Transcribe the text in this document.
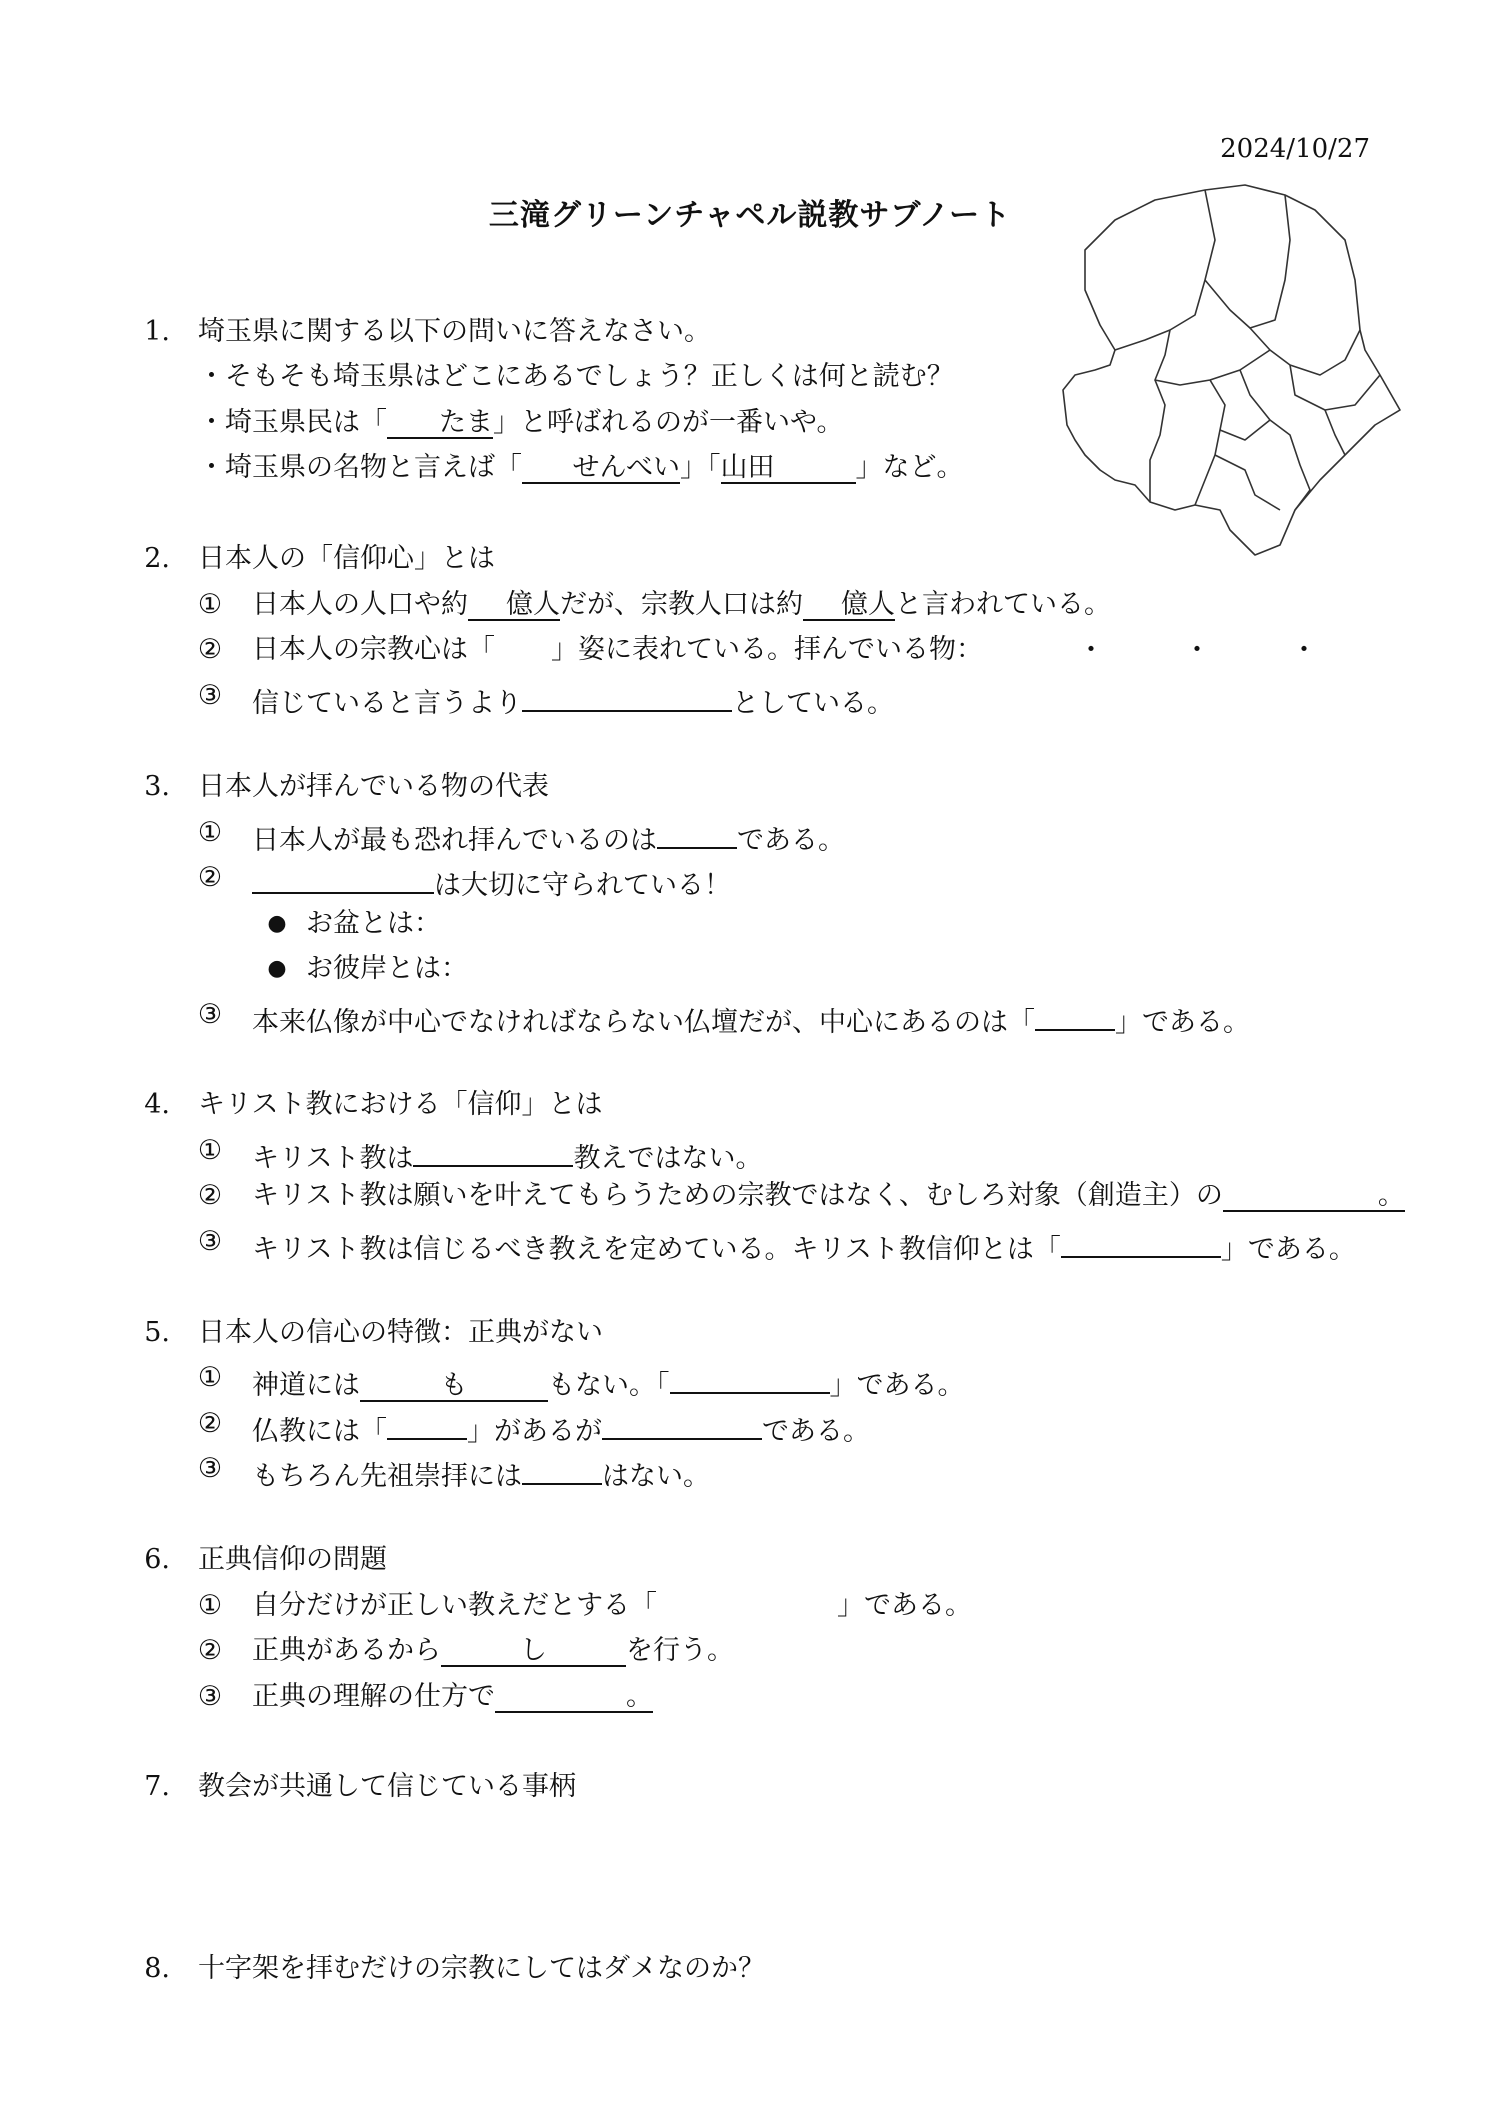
2024/10/27
三滝グリーンチャペル説教サブノート
1. 埼玉県に関する以下の問いに答えなさい。
・そもそも埼玉県はどこにあるでしょう？正しくは何と読む？
・埼玉県民は「 たま」と呼ばれるのが一番いや。
・埼玉県の名物と言えば「 せんべい」「山田	」など。
2. 日本人の「信仰心」とは
① 日本人の人口や約 億人だが、宗教人口は約 億人と言われている。
② 日本人の宗教心は「 」姿に表れている。拝んでいる物：	・	・	・
③ 信じていると言うより	としている。
3. 日本人が拝んでいる物の代表
① 日本人が最も恐れ拝んでいるのは	である。
②	は大切に守られている！
● お盆とは：
● お彼岸とは：
③ 本来仏像が中心でなければならない仏壇だが、中心にあるのは「	」である。
4. キリスト教における「信仰」とは
① キリスト教は	教えではない。
② キリスト教は願いを叶えてもらうための宗教ではなく、むしろ対象（創造主）の	。
③ キリスト教は信じるべき教えを定めている。キリスト教信仰とは「	」である。
5. 日本人の信心の特徴：正典がない
① 神道には	も	もない。「	」である。
② 仏教には「	」があるが	である。
③ もちろん先祖崇拝には	はない。
6. 正典信仰の問題
① 自分だけが正しい教えだとする「	」である。
② 正典があるから	し	を行う。
③ 正典の理解の仕方で	。
7. 教会が共通して信じている事柄
8. 十字架を拝むだけの宗教にしてはダメなのか？
